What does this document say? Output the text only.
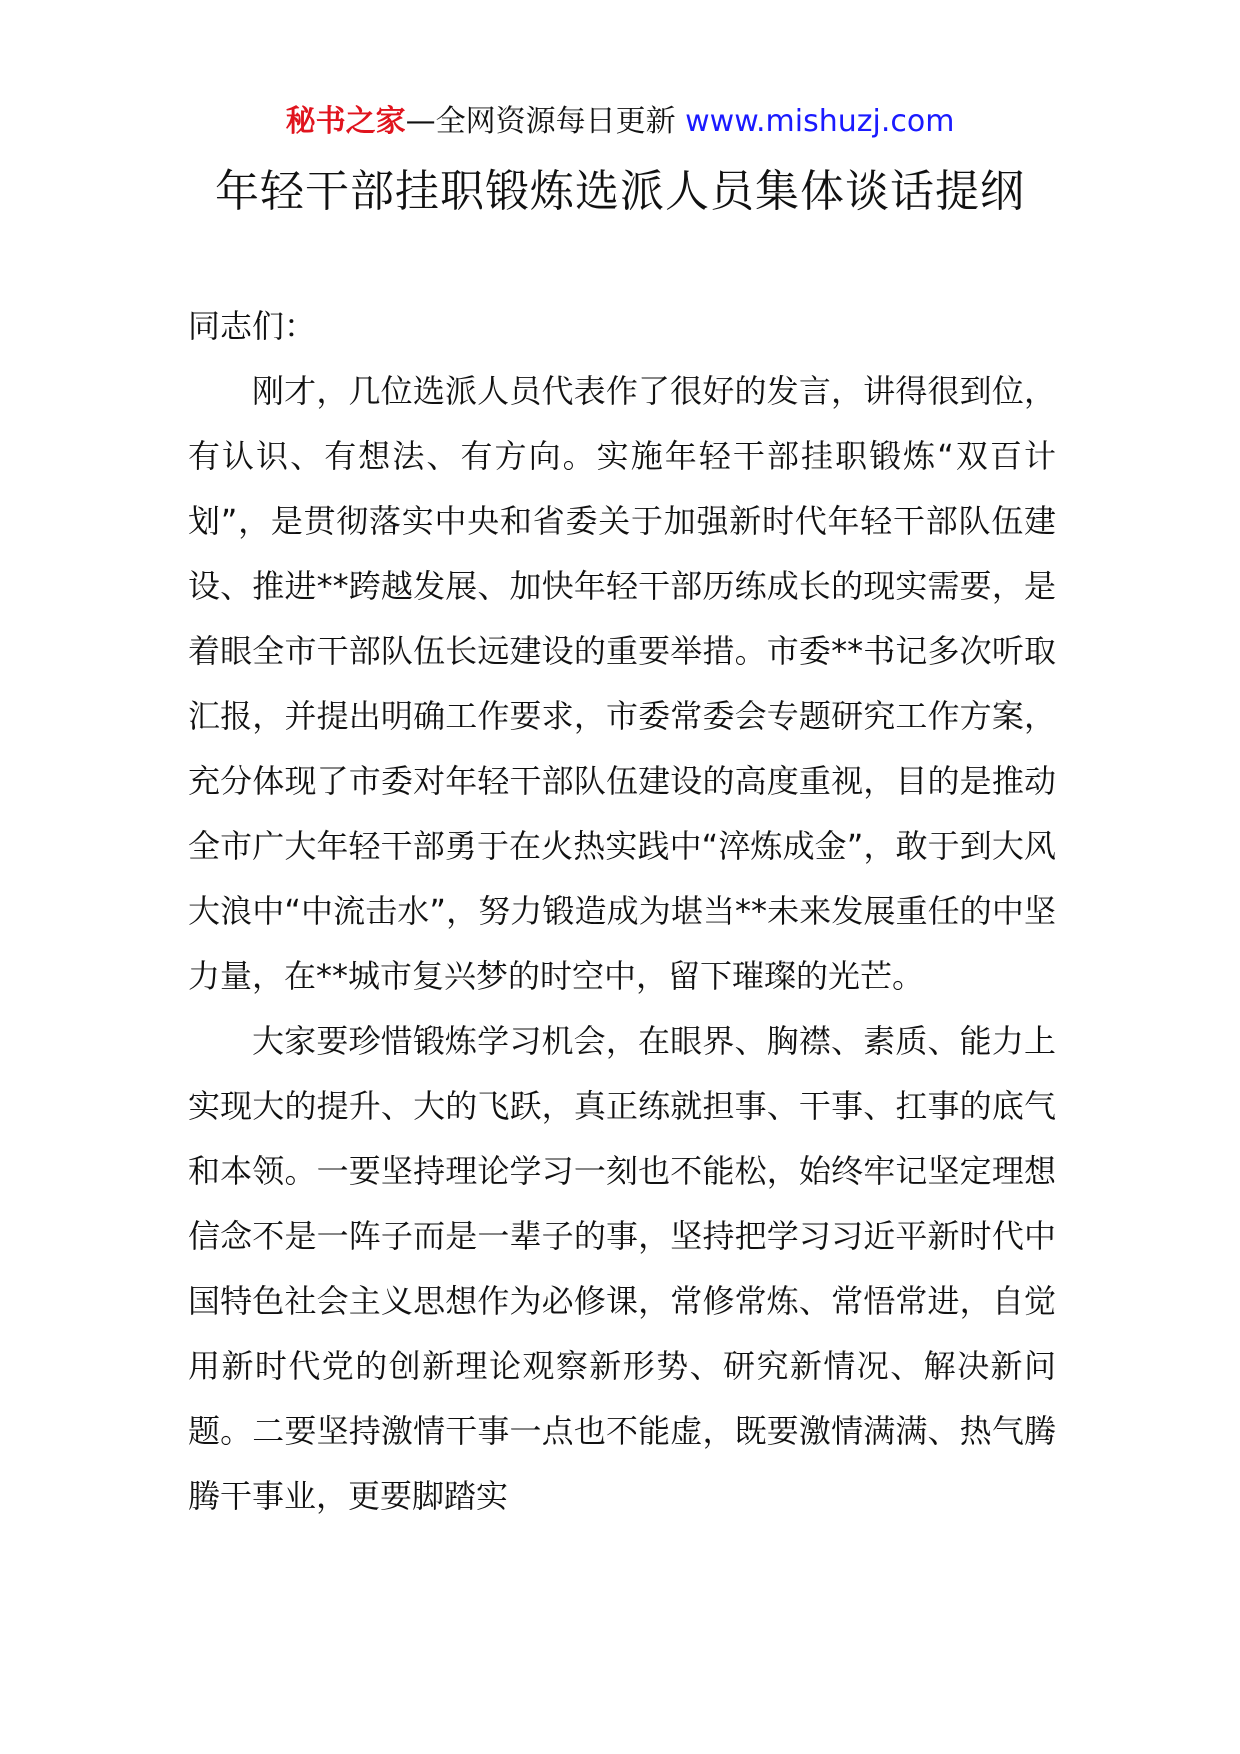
秘书之家—全网资源每日更新 www.mishuzj.com
年轻干部挂职锻炼选派人员集体谈话提纲

同志们：

刚才，几位选派人员代表作了很好的发言，讲得很到位，有认识、有想法、有方向。实施年轻干部挂职锻炼“双百计划”，是贯彻落实中央和省委关于加强新时代年轻干部队伍建设、推进**跨越发展、加快年轻干部历练成长的现实需要，是着眼全市干部队伍长远建设的重要举措。市委**书记多次听取汇报，并提出明确工作要求，市委常委会专题研究工作方案，充分体现了市委对年轻干部队伍建设的高度重视，目的是推动全市广大年轻干部勇于在火热实践中“淬炼成金”，敢于到大风大浪中“中流击水”，努力锻造成为堪当**未来发展重任的中坚力量，在**城市复兴梦的时空中，留下璀璨的光芒。

大家要珍惜锻炼学习机会，在眼界、胸襟、素质、能力上实现大的提升、大的飞跃，真正练就担事、干事、扛事的底气和本领。一要坚持理论学习一刻也不能松，始终牢记坚定理想信念不是一阵子而是一辈子的事，坚持把学习习近平新时代中国特色社会主义思想作为必修课，常修常炼、常悟常进，自觉用新时代党的创新理论观察新形势、研究新情况、解决新问题。二要坚持激情干事一点也不能虚，既要激情满满、热气腾腾干事业，更要脚踏实
